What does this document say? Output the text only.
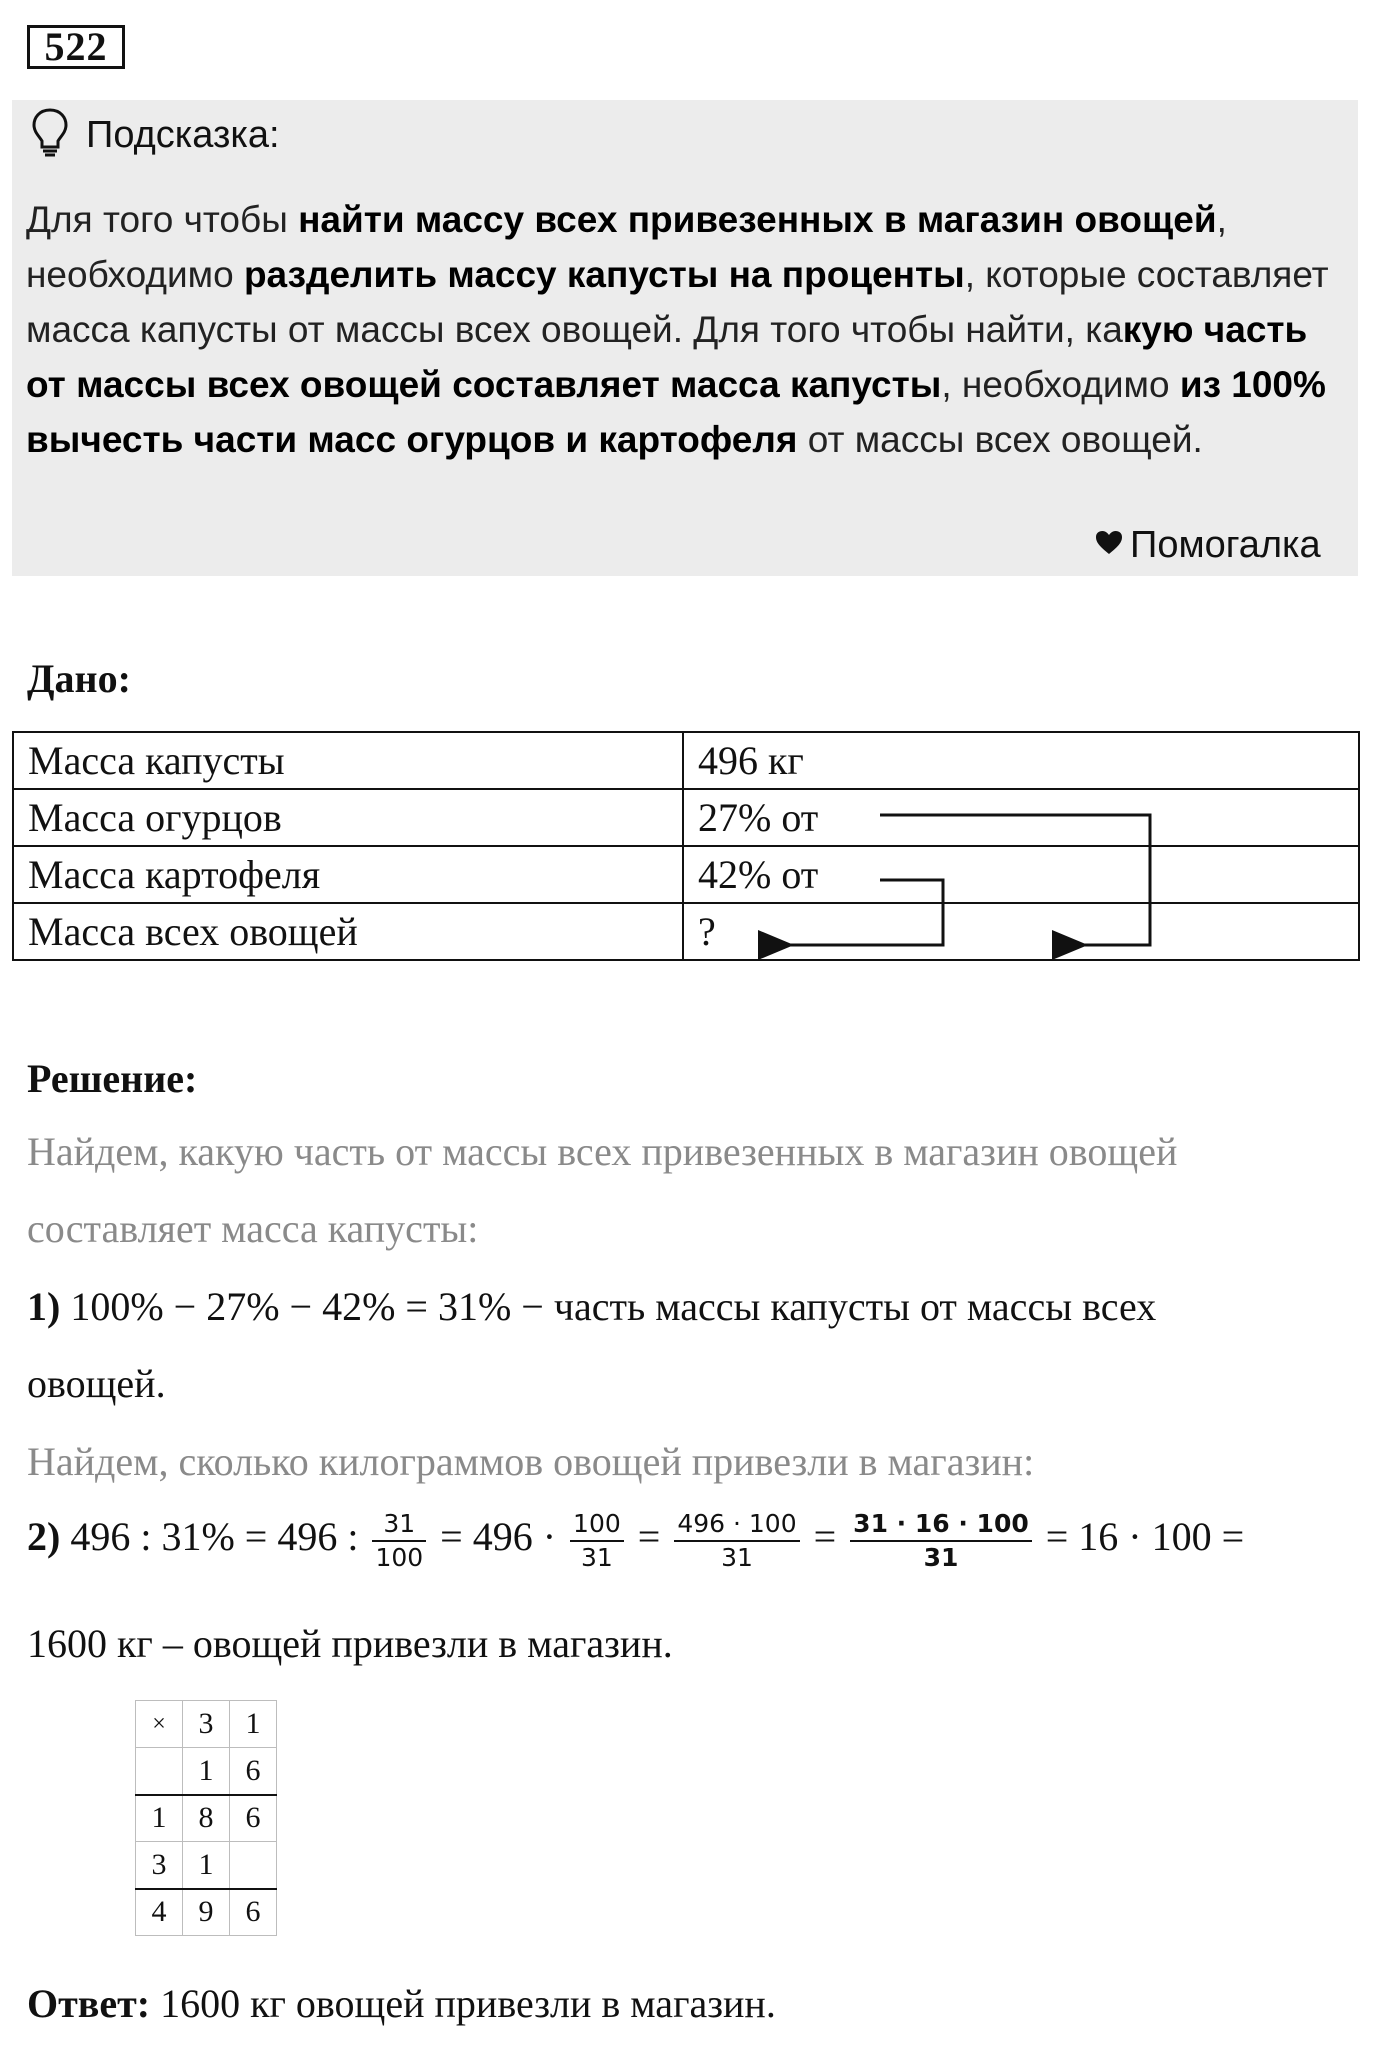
522
Подсказка:
Для того чтобы найти массу всех привезенных в магазин овощей, необходимо разделить массу капусты на проценты, которые составляет масса капусты от массы всех овощей. Для того чтобы найти, какую часть от массы всех овощей составляет масса капусты, необходимо из 100% вычесть части масс огурцов и картофеля от массы всех овощей.
Помогалка
Дано:
Масса капусты	496 кг
Масса огурцов	27% от
Масса картофеля	42% от
Масса всех овощей	?
Решение:
Найдем, какую часть от массы всех привезенных в магазин овощей
составляет масса капусты:
1) 100% − 27% − 42% = 31% − часть массы капусты от массы всех
овощей.
Найдем, сколько килограммов овощей привезли в магазин:
2) 496 : 31% = 496 : $\frac{31}{100} = 496 \cdot \frac{100}{31} = \frac{496 \cdot 100}{31} = \frac{31 \cdot 16 \cdot 100}{31} = 16 \cdot 100$ =
1600 кг – овощей привезли в магазин.
×	3	1
	1	6
1	8	6
3	1	
4	9	6
Ответ: 1600 кг овощей привезли в магазин.
